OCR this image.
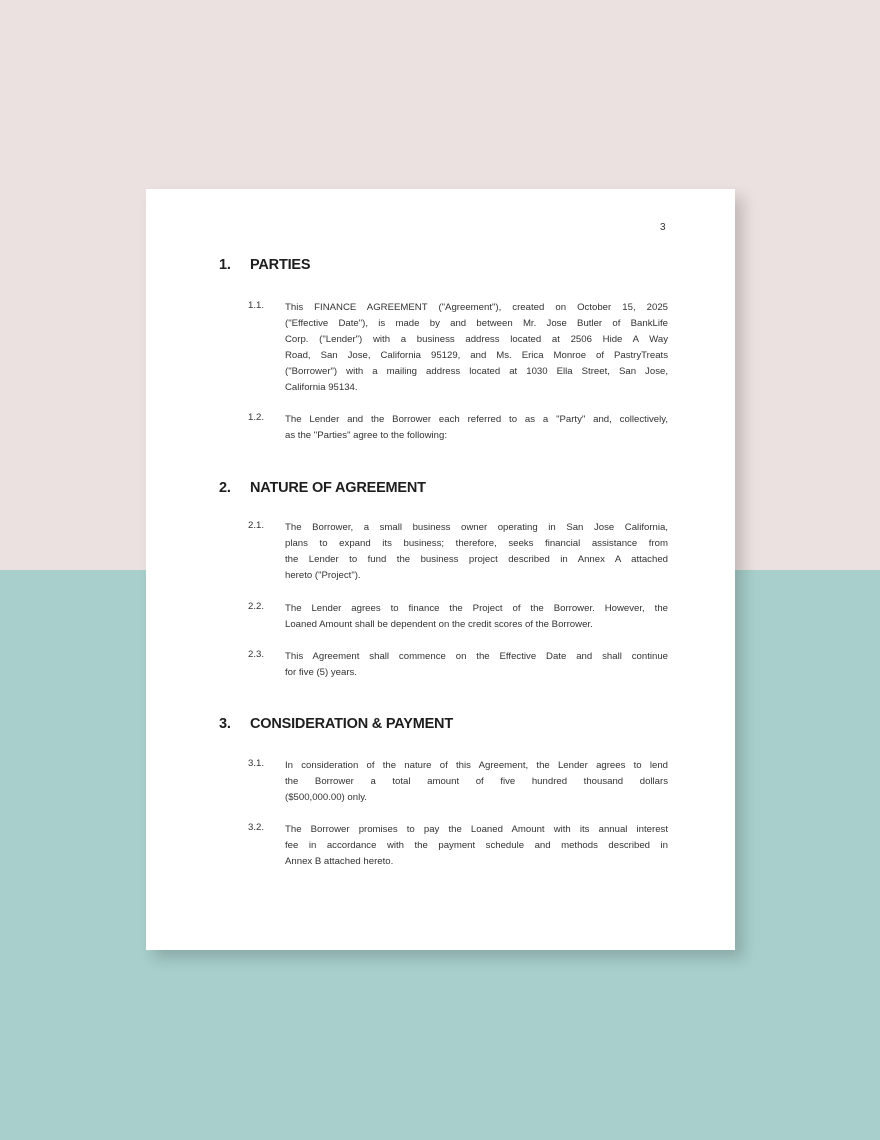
3
1. PARTIES
1.1. This FINANCE AGREEMENT ("Agreement"), created on October 15, 2025
("Effective Date"), is made by and between Mr. Jose Butler of BankLife
Corp. ("Lender") with a business address located at 2506 Hide A Way
Road, San Jose, California 95129, and Ms. Erica Monroe of PastryTreats
("Borrower") with a mailing address located at 1030 Ella Street, San Jose,
California 95134.
1.2. The Lender and the Borrower each referred to as a "Party" and, collectively,
as the "Parties" agree to the following:
2. NATURE OF AGREEMENT
2.1. The Borrower, a small business owner operating in San Jose California,
plans to expand its business; therefore, seeks financial assistance from
the Lender to fund the business project described in Annex A attached
hereto ("Project").
2.2. The Lender agrees to finance the Project of the Borrower. However, the
Loaned Amount shall be dependent on the credit scores of the Borrower.
2.3. This Agreement shall commence on the Effective Date and shall continue
for five (5) years.
3. CONSIDERATION & PAYMENT
3.1. In consideration of the nature of this Agreement, the Lender agrees to lend
the Borrower a total amount of five hundred thousand dollars
($500,000.00) only.
3.2. The Borrower promises to pay the Loaned Amount with its annual interest
fee in accordance with the payment schedule and methods described in
Annex B attached hereto.
